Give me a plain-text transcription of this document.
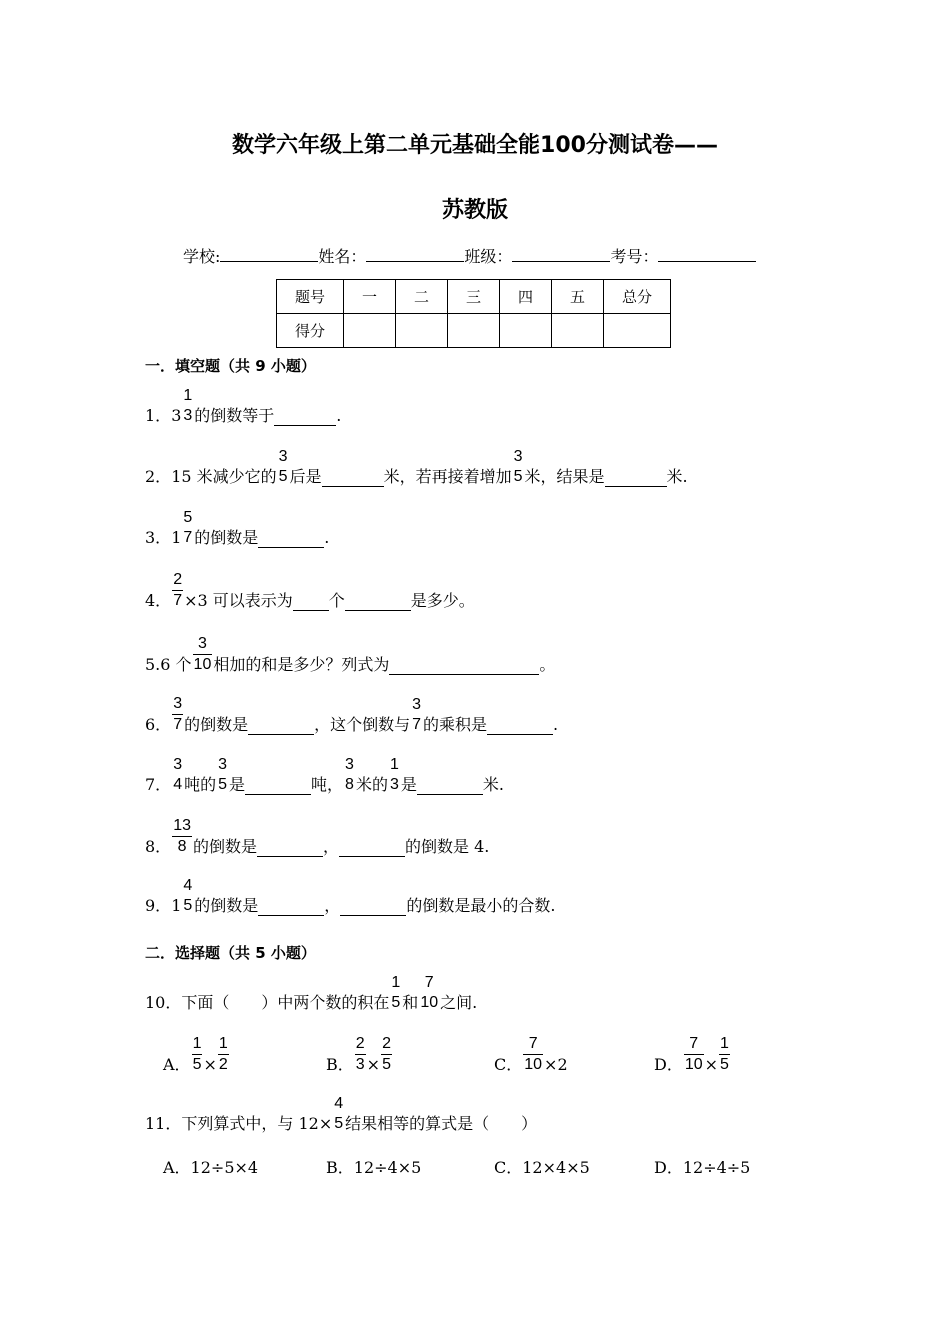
数学六年级上第二单元基础全能100分测试卷——
苏教版
学校:	姓名：	班级：	考号：
题号	一	二	三	四	五	总分
得分						
一．填空题（共 9 小题）
1．3
1
3 的倒数等于	.
2．15 米减少它的
3
5 后是	米，若再接着增加
3
5 米，结果是	米.
3．1
5
7 的倒数是	.
4． $\frac{2}{7} \times 3$ 可以表示为 个	是多少。
5.6 个 $\frac{3}{10}$ 相加的和是多少？列式为	。
6． $\frac{3}{7}$ 的倒数是	，这个倒数与
3
7 的乘积是	.
7．
3
4 吨的
3
5 是	吨，
3
8 米的
1
3 是	米.
8． $\frac{13}{8}$ 的倒数是	，	的倒数是 4.
9．1
4
5 的倒数是	，	的倒数是最小的合数.
二．选择题（共 5 小题）
10．下面（　　）中两个数的积在
1
5 和
7
10 之间.
A． $\frac{1}{5} \times \frac{1}{2}$	B． $\frac{2}{3} \times \frac{2}{5}$	C． $\frac{7}{10} \times 2$	D． $\frac{7}{10} \times \frac{1}{5}$
11．下列算式中，与 12×
4
5 结果相等的算式是（　　）
A．12÷5×4	B．12÷4×5	C．12×4×5	D．12÷4÷5
